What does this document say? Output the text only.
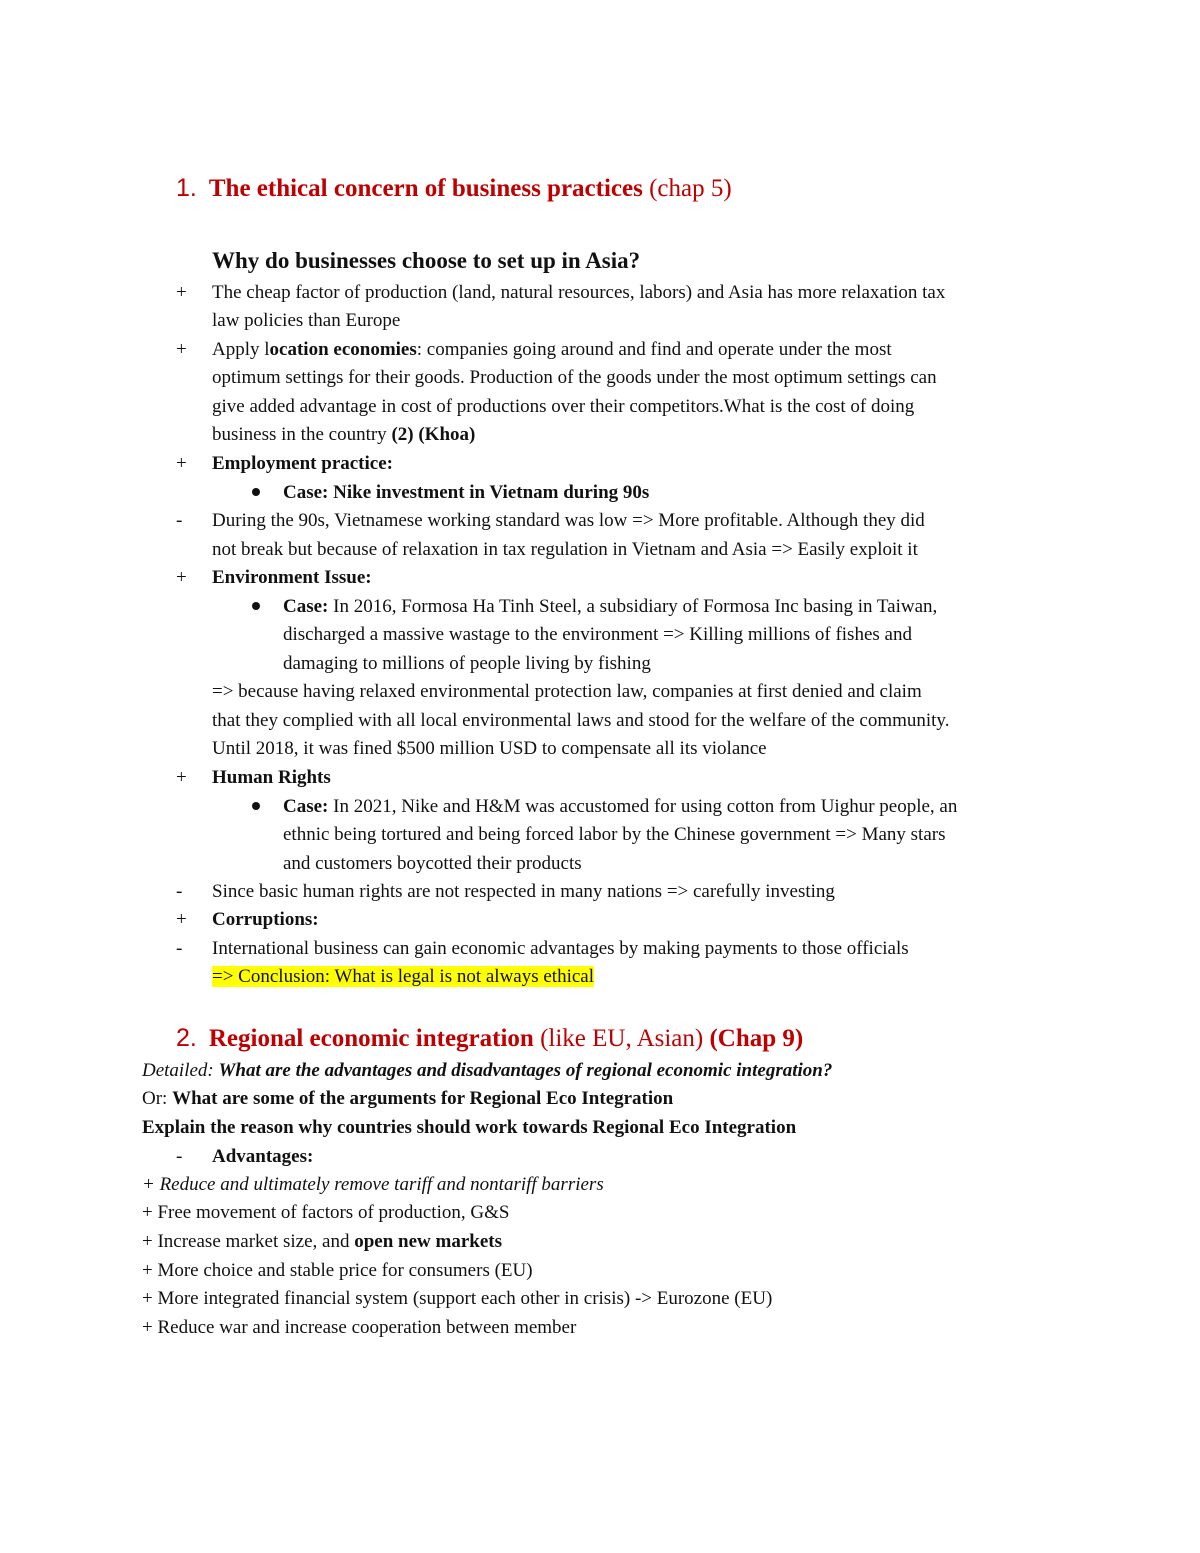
1. The ethical concern of business practices (chap 5)
Why do businesses choose to set up in Asia?
+ The cheap factor of production (land, natural resources, labors) and Asia has more relaxation tax
law policies than Europe
+ Apply location economies: companies going around and find and operate under the most
optimum settings for their goods. Production of the goods under the most optimum settings can
give added advantage in cost of productions over their competitors.What is the cost of doing
business in the country (2) (Khoa)
+ Employment practice:
Case: Nike investment in Vietnam during 90s
- During the 90s, Vietnamese working standard was low => More profitable. Although they did
not break but because of relaxation in tax regulation in Vietnam and Asia => Easily exploit it
+ Environment Issue:
Case: In 2016, Formosa Ha Tinh Steel, a subsidiary of Formosa Inc basing in Taiwan,
discharged a massive wastage to the environment => Killing millions of fishes and
damaging to millions of people living by fishing
=> because having relaxed environmental protection law, companies at first denied and claim
that they complied with all local environmental laws and stood for the welfare of the community.
Until 2018, it was fined $500 million USD to compensate all its violance
+ Human Rights
Case: In 2021, Nike and H&M was accustomed for using cotton from Uighur people, an
ethnic being tortured and being forced labor by the Chinese government => Many stars
and customers boycotted their products
- Since basic human rights are not respected in many nations => carefully investing
+ Corruptions:
- International business can gain economic advantages by making payments to those officials
=> Conclusion: What is legal is not always ethical
2. Regional economic integration (like EU, Asian) (Chap 9)
Detailed: What are the advantages and disadvantages of regional economic integration?
Or: What are some of the arguments for Regional Eco Integration
Explain the reason why countries should work towards Regional Eco Integration
- Advantages:
+ Reduce and ultimately remove tariff and nontariff barriers
+ Free movement of factors of production, G&S
+ Increase market size, and open new markets
+ More choice and stable price for consumers (EU)
+ More integrated financial system (support each other in crisis) -> Eurozone (EU)
+ Reduce war and increase cooperation between member
